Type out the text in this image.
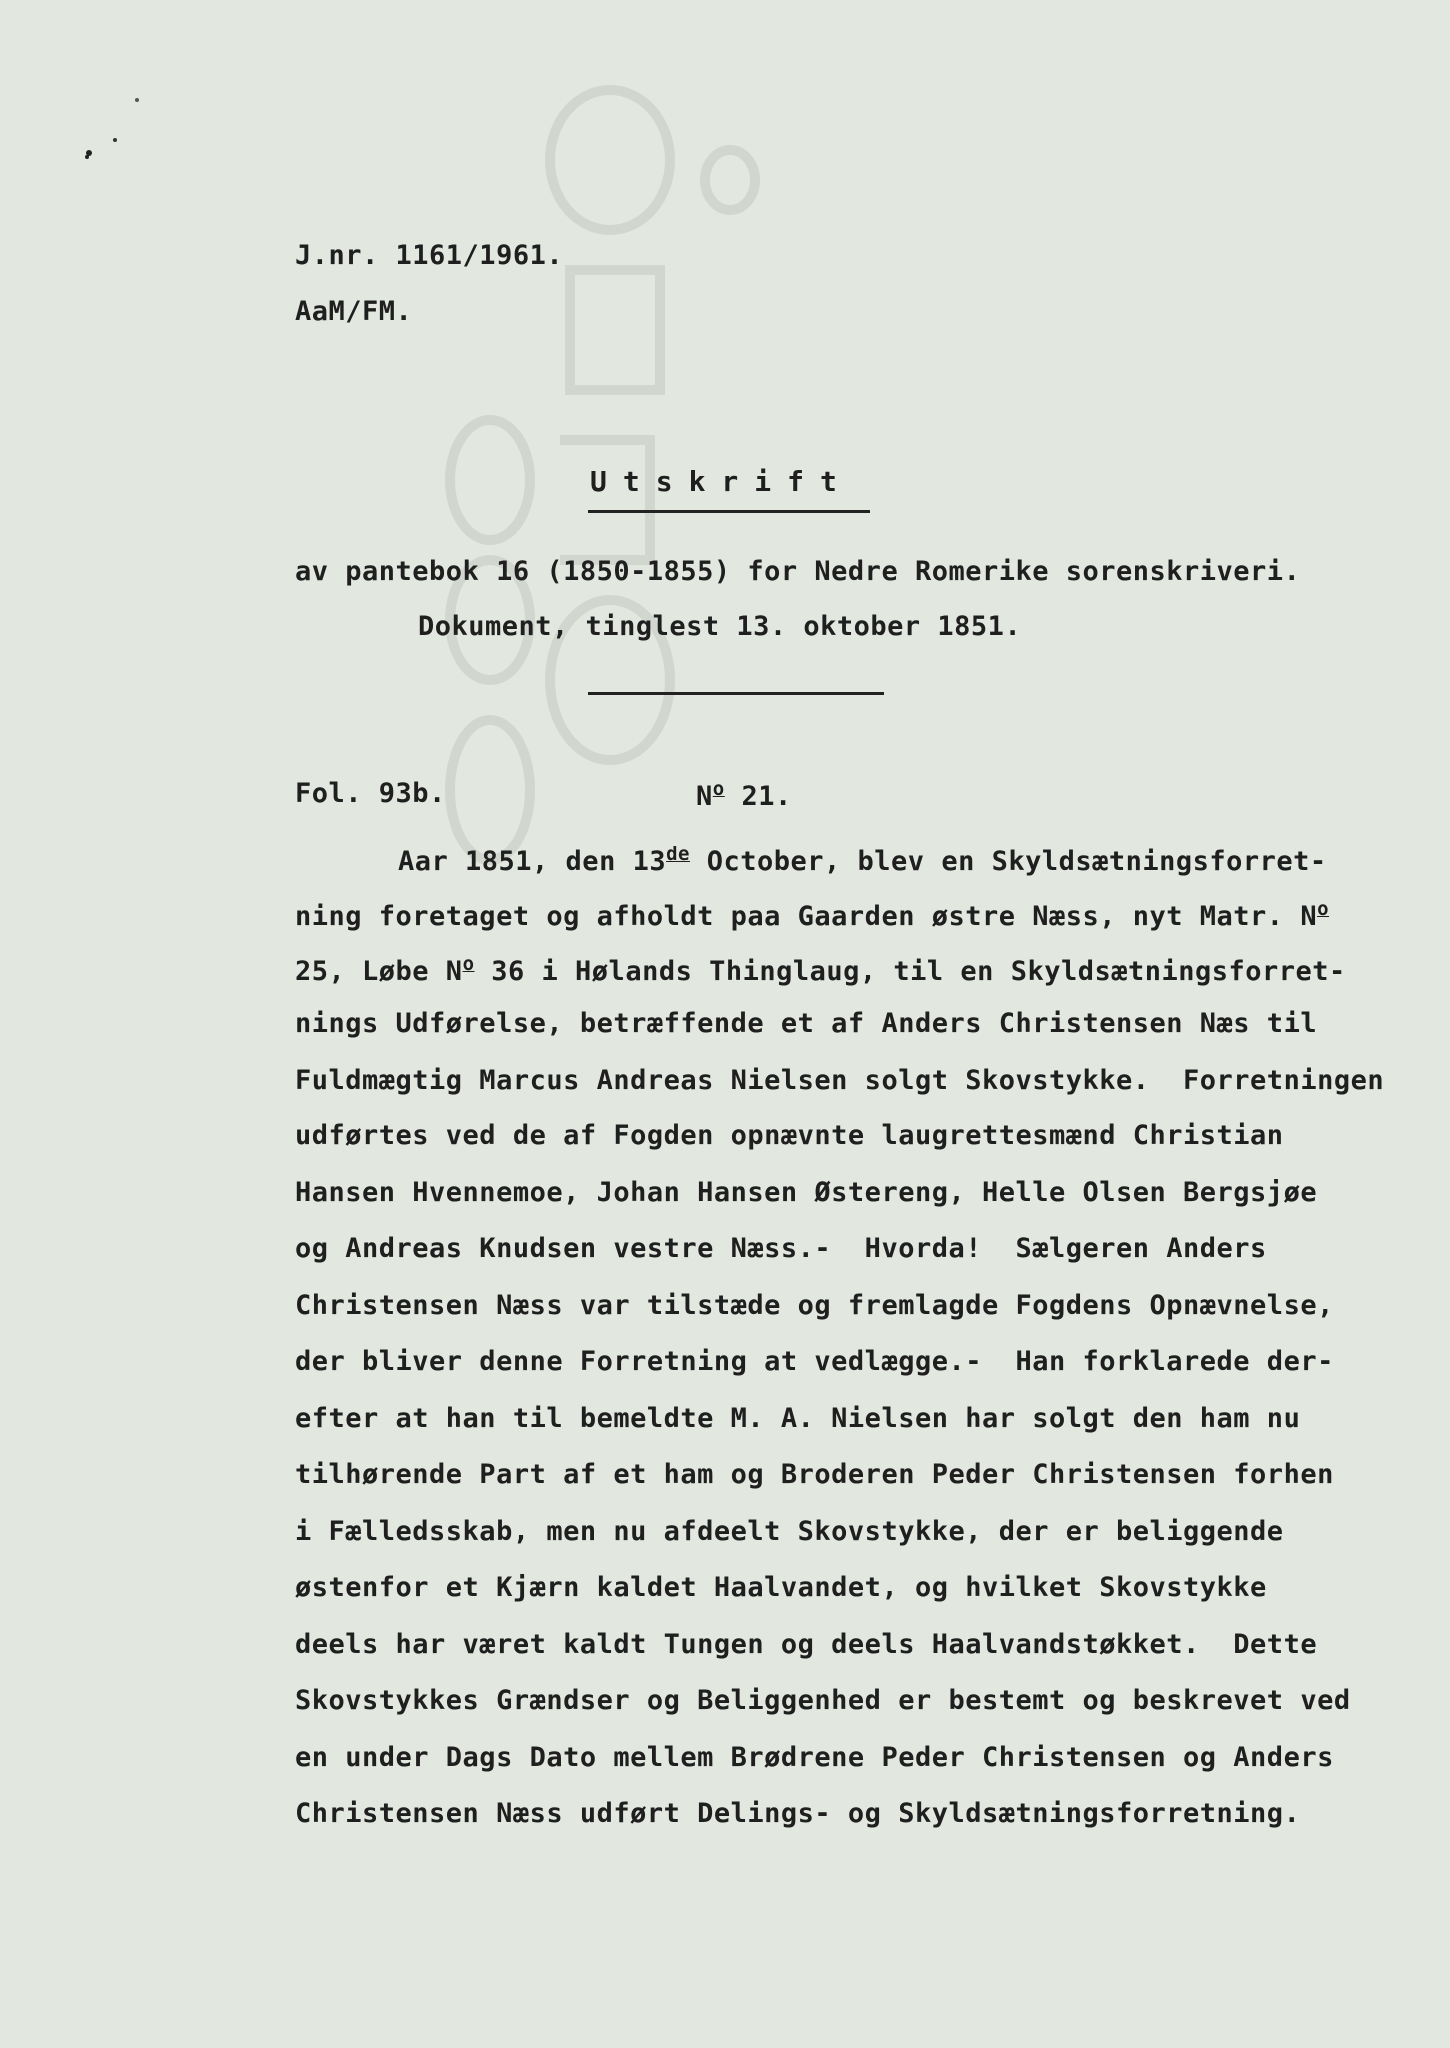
J.nr. 1161/1961.
AaM/FM.
Utskrift
av pantebok 16 (1850-1855) for Nedre Romerike sorenskriveri.
Dokument, tinglest 13. oktober 1851.
Fol. 93b.	$N^o$ 21.
Aar 1851, den 13de October, blev en Skyldsætningsforret-
ning foretaget og afholdt paa Gaarden østre Næss, nyt Matr. $N^o$
25, Løbe $N^o$ 36 i Hølands Thinglaug, til en Skyldsætningsforret-
nings Udførelse, betræffende et af Anders Christensen Næs til
Fuldmægtig Marcus Andreas Nielsen solgt Skovstykke.  Forretningen
udførtes ved de af Fogden opnævnte laugrettesmænd Christian
Hansen Hvennemoe, Johan Hansen Østereng, Helle Olsen Bergsjøe
og Andreas Knudsen vestre Næss.-  Hvorda!  Sælgeren Anders
Christensen Næss var tilstæde og fremlagde Fogdens Opnævnelse,
der bliver denne Forretning at vedlægge.-  Han forklarede der-
efter at han til bemeldte M. A. Nielsen har solgt den ham nu
tilhørende Part af et ham og Broderen Peder Christensen forhen
i Fælledsskab, men nu afdeelt Skovstykke, der er beliggende
østenfor et Kjærn kaldet Haalvandet, og hvilket Skovstykke
deels har været kaldt Tungen og deels Haalvandstøkket.  Dette
Skovstykkes Grændser og Beliggenhed er bestemt og beskrevet ved
en under Dags Dato mellem Brødrene Peder Christensen og Anders
Christensen Næss udført Delings- og Skyldsætningsforretning.
